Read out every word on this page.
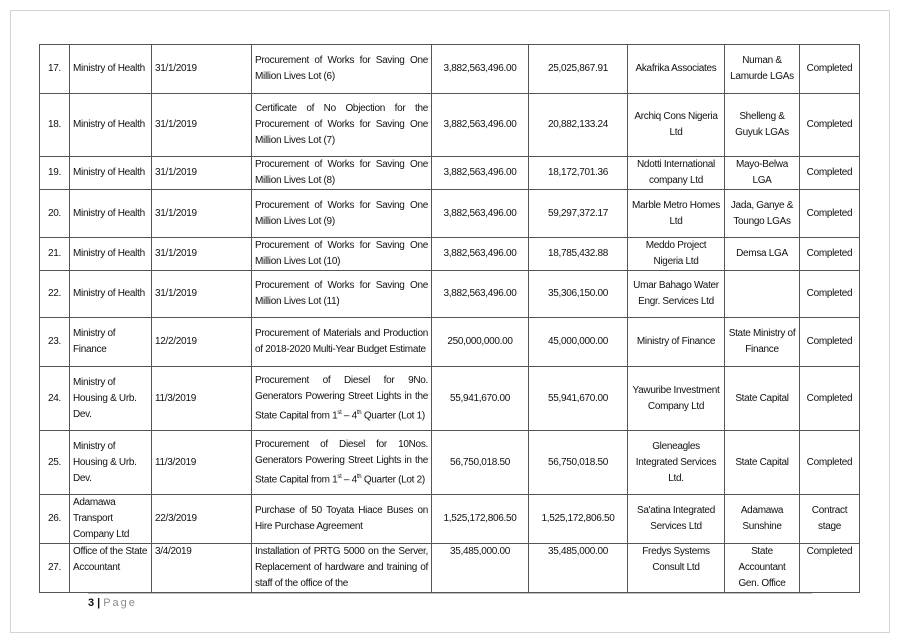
17.	Ministry of Health	31/1/2019	Procurement of Works for Saving One Million Lives Lot (6)	3,882,563,496.00	25,025,867.91	Akafrika Associates	Numan & Lamurde LGAs	Completed
18.	Ministry of Health	31/1/2019	Certificate of No Objection for the Procurement of Works for Saving One Million Lives Lot (7)	3,882,563,496.00	20,882,133.24	Archiq Cons Nigeria Ltd	Shelleng & Guyuk LGAs	Completed
19.	Ministry of Health	31/1/2019	Procurement of Works for Saving One Million Lives Lot (8)	3,882,563,496.00	18,172,701.36	Ndotti International company Ltd	Mayo-Belwa LGA	Completed
20.	Ministry of Health	31/1/2019	Procurement of Works for Saving One Million Lives Lot (9)	3,882,563,496.00	59,297,372.17	Marble Metro Homes Ltd	Jada, Ganye & Toungo LGAs	Completed
21.	Ministry of Health	31/1/2019	Procurement of Works for Saving One Million Lives Lot (10)	3,882,563,496.00	18,785,432.88	Meddo Project Nigeria Ltd	Demsa LGA	Completed
22.	Ministry of Health	31/1/2019	Procurement of Works for Saving One Million Lives Lot (11)	3,882,563,496.00	35,306,150.00	Umar Bahago Water Engr. Services Ltd		Completed
23.	Ministry of Finance	12/2/2019	Procurement of Materials and Production of 2018-2020 Multi-Year Budget Estimate	250,000,000.00	45,000,000.00	Ministry of Finance	State Ministry of Finance	Completed
24.	Ministry of Housing & Urb. Dev.	11/3/2019	Procurement of Diesel for 9No. Generators Powering Street Lights in the State Capital from 1st – 4th Quarter (Lot 1)	55,941,670.00	55,941,670.00	Yawuribe Investment Company Ltd	State Capital	Completed
25.	Ministry of Housing & Urb. Dev.	11/3/2019	Procurement of Diesel for 10Nos. Generators Powering Street Lights in the State Capital from 1st – 4th Quarter (Lot 2)	56,750,018.50	56,750,018.50	Gleneagles Integrated Services Ltd.	State Capital	Completed
26.	Adamawa Transport Company Ltd	22/3/2019	Purchase of 50 Toyata Hiace Buses on Hire Purchase Agreement	1,525,172,806.50	1,525,172,806.50	Sa'atina Integrated Services Ltd	Adamawa Sunshine	Contract stage
27.	Office of the State Accountant	3/4/2019	Installation of PRTG 5000 on the Server, Replacement of hardware and training of staff of the office of the	35,485,000.00	35,485,000.00	Fredys Systems Consult Ltd	State Accountant Gen. Office	Completed
3 | Page
